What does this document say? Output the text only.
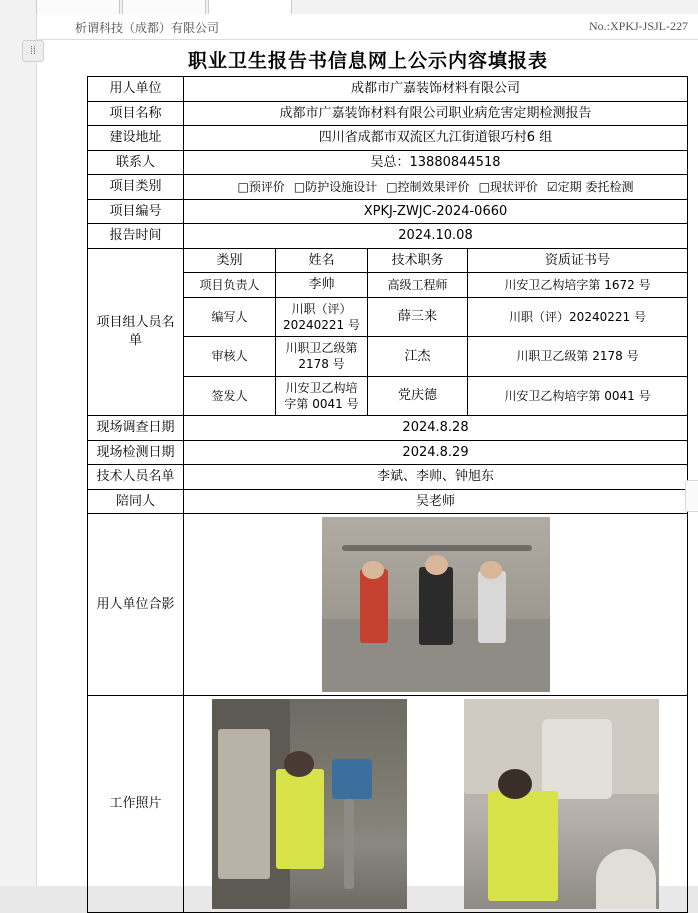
⁞⁞
析谓科技（成都）有限公司	No.:XPKJ-JSJL-227
职业卫生报告书信息网上公示内容填报表
用人单位	成都市广嘉装饰材料有限公司			
项目名称	成都市广嘉装饰材料有限公司职业病危害定期检测报告			
建设地址	四川省成都市双流区九江街道银巧村6 组			
联系人	吴总：13880844518			
项目类别	□预评价 □防护设施设计 □控制效果评价 □现状评价 ☑定期 委托检测			

项目编号	XPKJ-ZWJC-2024-0660			
报告时间	2024.10.08			
项目组人员名单	类别	姓名	技术职务	资质证书号
	项目负责人	李帅	高级工程师	川安卫乙构培字第 1672 号
	编写人	川职（评）20240221 号	薛三来	川职（评）20240221 号
	审核人	川职卫乙级第 2178 号	江杰	川职卫乙级第 2178 号
	签发人	川安卫乙构培字第 0041 号	党庆德	川安卫乙构培字第 0041 号
现场调查日期	2024.8.28			
现场检测日期	2024.8.29			
技术人员名单	李斌、李帅、钟旭东			
陪同人	吴老师			
用人单位合影				

工作照片				
